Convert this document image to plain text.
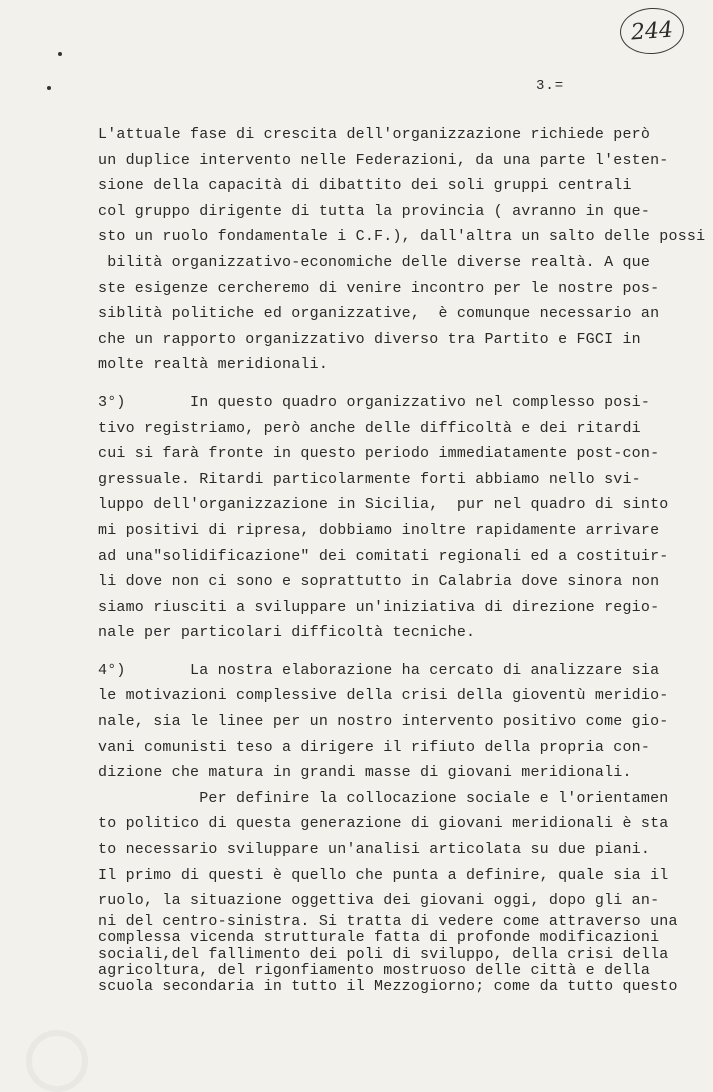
244
3.=
L'attuale fase di crescita dell'organizzazione richiede però
un duplice intervento nelle Federazioni, da una parte l'esten-
sione della capacità di dibattito dei soli gruppi centrali
col gruppo dirigente di tutta la provincia ( avranno in que-
sto un ruolo fondamentale i C.F.), dall'altra un salto delle possi
bilità organizzativo-economiche delle diverse realtà. A que
ste esigenze cercheremo di venire incontro per le nostre pos-
siblità politiche ed organizzative,  è comunque necessario an
che un rapporto organizzativo diverso tra Partito e FGCI in
molte realtà meridionali.
3°)       In questo quadro organizzativo nel complesso posi-
tivo registriamo, però anche delle difficoltà e dei ritardi
cui si farà fronte in questo periodo immediatamente post-con-
gressuale. Ritardi particolarmente forti abbiamo nello svi-
luppo dell'organizzazione in Sicilia,  pur nel quadro di sinto
mi positivi di ripresa, dobbiamo inoltre rapidamente arrivare
ad una"solidificazione" dei comitati regionali ed a costituir-
li dove non ci sono e soprattutto in Calabria dove sinora non
siamo riusciti a sviluppare un'iniziativa di direzione regio-
nale per particolari difficoltà tecniche.
4°)       La nostra elaborazione ha cercato di analizzare sia
le motivazioni complessive della crisi della gioventù meridio-
nale, sia le linee per un nostro intervento positivo come gio-
vani comunisti teso a dirigere il rifiuto della propria con-
dizione che matura in grandi masse di giovani meridionali.
Per definire la collocazione sociale e l'orientamen
to politico di questa generazione di giovani meridionali è sta
to necessario sviluppare un'analisi articolata su due piani.
Il primo di questi è quello che punta a definire, quale sia il
ruolo, la situazione oggettiva dei giovani oggi, dopo gli an-
ni del centro-sinistra. Si tratta di vedere come attraverso una
complessa vicenda strutturale fatta di profonde modificazioni
sociali,del fallimento dei poli di sviluppo, della crisi della
agricoltura, del rigonfiamento mostruoso delle città e della
scuola secondaria in tutto il Mezzogiorno; come da tutto questo
